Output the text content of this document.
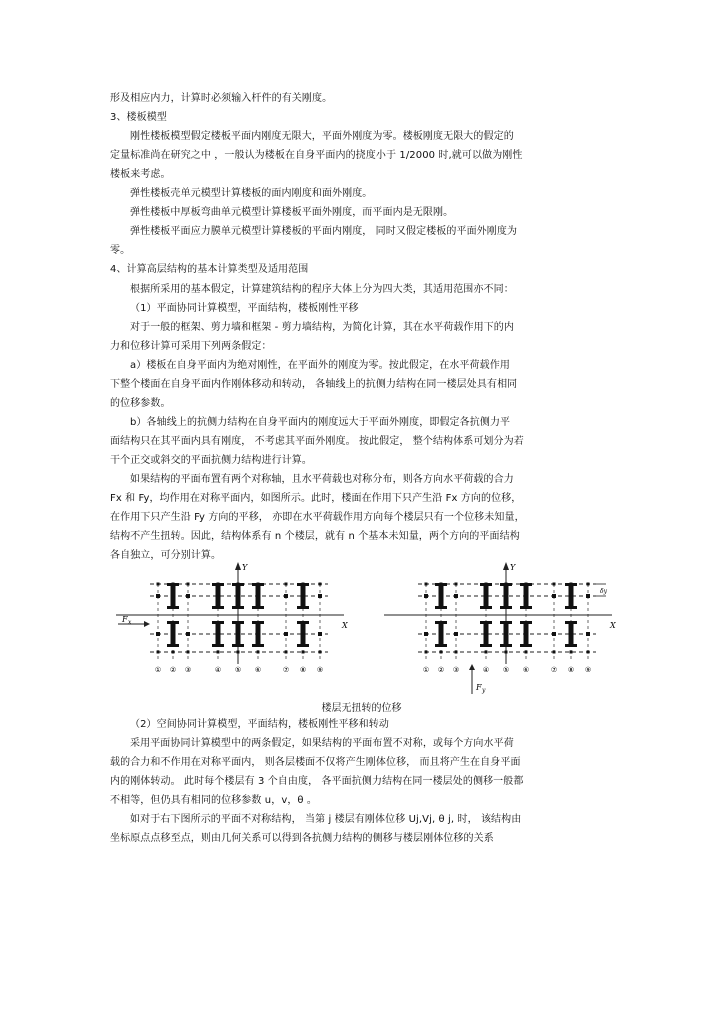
形及相应内力，计算时必须输入杆件的有关刚度。
3、楼板模型
刚性楼板模型假定楼板平面内刚度无限大，平面外刚度为零。楼板刚度无限大的假定的
定量标准尚在研究之中 ，一般认为楼板在自身平面内的挠度小于 1/2000 时,就可以做为刚性
楼板来考虑。
弹性楼板壳单元模型计算楼板的面内刚度和面外刚度。
弹性楼板中厚板弯曲单元模型计算楼板平面外刚度，而平面内是无限刚。
弹性楼板平面应力膜单元模型计算楼板的平面内刚度， 同时又假定楼板的平面外刚度为
零。
4、计算高层结构的基本计算类型及适用范围
根据所采用的基本假定，计算建筑结构的程序大体上分为四大类，其适用范围亦不同：
（1）平面协同计算模型，平面结构，楼板刚性平移
对于一般的框架、剪力墙和框架 - 剪力墙结构，为简化计算，其在水平荷载作用下的内
力和位移计算可采用下列两条假定：
a）楼板在自身平面内为绝对刚性，在平面外的刚度为零。按此假定，在水平荷载作用
下整个楼面在自身平面内作刚体移动和转动， 各轴线上的抗侧力结构在同一楼层处具有相同
的位移参数。
b）各轴线上的抗侧力结构在自身平面内的刚度远大于平面外刚度，即假定各抗侧力平
面结构只在其平面内具有刚度， 不考虑其平面外刚度。 按此假定， 整个结构体系可划分为若
干个正交或斜交的平面抗侧力结构进行计算。
如果结构的平面布置有两个对称轴，且水平荷载也对称分布，则各方向水平荷载的合力
Fx 和 Fy，均作用在对称平面内，如图所示。此时，楼面在作用下只产生沿 Fx 方向的位移，
在作用下只产生沿 Fy 方向的平移， 亦即在水平荷载作用方向每个楼层只有一个位移未知量，
结构不产生扭转。因此，结构体系有 n 个楼层，就有 n 个基本未知量，两个方向的平面结构
各自独立，可分别计算。
（2）空间协同计算模型，平面结构，楼板刚性平移和转动
采用平面协同计算模型中的两条假定，如果结构的平面布置不对称，或每个方向水平荷
载的合力和不作用在对称平面内， 则各层楼面不仅将产生刚体位移， 而且将产生在自身平面
内的刚体转动。 此时每个楼层有 3 个自由度， 各平面抗侧力结构在同一楼层处的侧移一般都
不相等，但仍具有相同的位移参数 u，v，θ 。
如对于右下图所示的平面不对称结构， 当第 j 楼层有刚体位移 Uj,Vj, θ j, 时， 该结构由
坐标原点点移至点，则由几何关系可以得到各抗侧力结构的侧移与楼层刚体位移的关系
X
Y
① ② ③	④ ⑤ ⑥	⑦ ⑧ ⑨
F x	X
Y
① ② ③	④ ⑤ ⑥	⑦ ⑧ ⑨
F y
δy
楼层无扭转的位移
